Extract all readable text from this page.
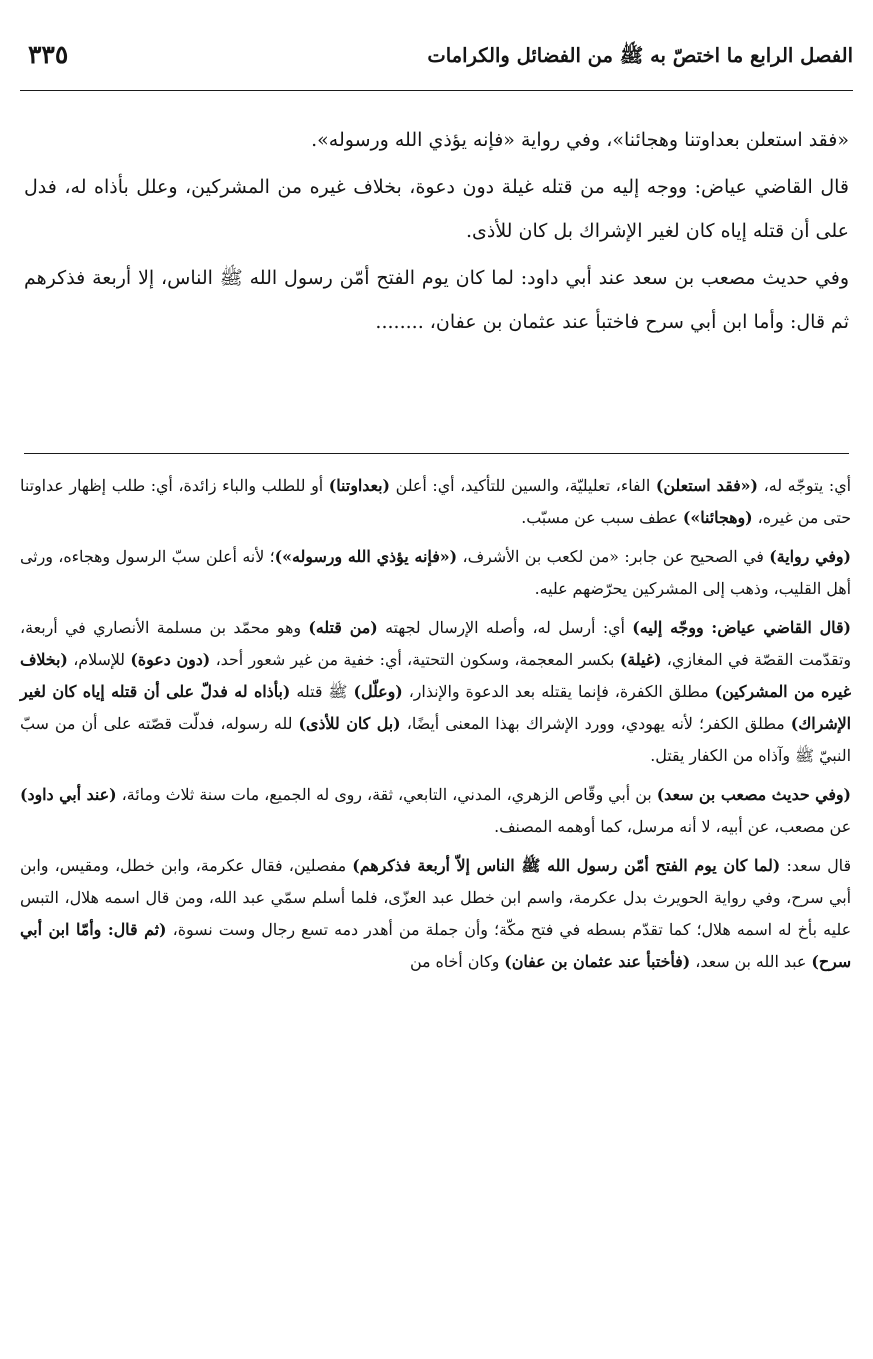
الفصل الرابع ما اختصّ به ﷺ من الفضائل والكرامات
٣٣٥

«فقد استعلن بعداوتنا وهجائنا»، وفي رواية «فإنه يؤذي الله ورسوله».

قال القاضي عياض: ووجه إليه من قتله غيلة دون دعوة، بخلاف غيره من المشركين، وعلل بأذاه له، فدل على أن قتله إياه كان لغير الإشراك بل كان للأذى.

وفي حديث مصعب بن سعد عند أبي داود: لما كان يوم الفتح أمّن رسول الله ﷺ الناس، إلا أربعة فذكرهم ثم قال: وأما ابن أبي سرح فاختبأ عند عثمان بن عفان، ........

أي: يتوجّه له، («فقد استعلن) الفاء، تعليليّة، والسين للتأكيد، أي: أعلن (بعداوتنا) أو للطلب والباء زائدة، أي: طلب إظهار عداوتنا حتى من غيره، (وهجائنا») عطف سبب عن مسبّب.

(وفي رواية) في الصحيح عن جابر: «من لكعب بن الأشرف، («فإنه يؤذي الله ورسوله»)؛ لأنه أعلن سبّ الرسول وهجاءه، ورثى أهل القليب، وذهب إلى المشركين يحرّضهم عليه.

(قال القاضي عياض: ووجّه إليه) أي: أرسل له، وأصله الإرسال لجهته (من قتله) وهو محمّد بن مسلمة الأنصاري في أربعة، وتقدّمت القصّة في المغازي، (غيلة) بكسر المعجمة، وسكون التحتية، أي: خفية من غير شعور أحد، (دون دعوة) للإسلام، (بخلاف غيره من المشركين) مطلق الكفرة، فإنما يقتله بعد الدعوة والإنذار، (وعلّل) ﷺ قتله (بأذاه له فدلّ على أن قتله إياه كان لغير الإشراك) مطلق الكفر؛ لأنه يهودي، وورد الإشراك بهذا المعنى أيضًا، (بل كان للأذى) لله رسوله، فدلّت قصّته على أن من سبّ النبيّ ﷺ وآذاه من الكفار يقتل.

(وفي حديث مصعب بن سعد) بن أبي وقّاص الزهري، المدني، التابعي، ثقة، روى له الجميع، مات سنة ثلاث ومائة، (عند أبي داود) عن مصعب، عن أبيه، لا أنه مرسل، كما أوهمه المصنف.

قال سعد: (لما كان يوم الفتح أمّن رسول الله ﷺ الناس إلاّ أربعة فذكرهم) مفصلين، فقال عكرمة، وابن خطل، ومقيس، وابن أبي سرح، وفي رواية الحويرث بدل عكرمة، واسم ابن خطل عبد العزّى، فلما أسلم سمّي عبد الله، ومن قال اسمه هلال، التبس عليه بأخ له اسمه هلال؛ كما تقدّم بسطه في فتح مكّة؛ وأن جملة من أهدر دمه تسع رجال وست نسوة، (ثم قال: وأمّا ابن أبي سرح) عبد الله بن سعد، (فأختبأ عند عثمان بن عفان) وكان أخاه من
